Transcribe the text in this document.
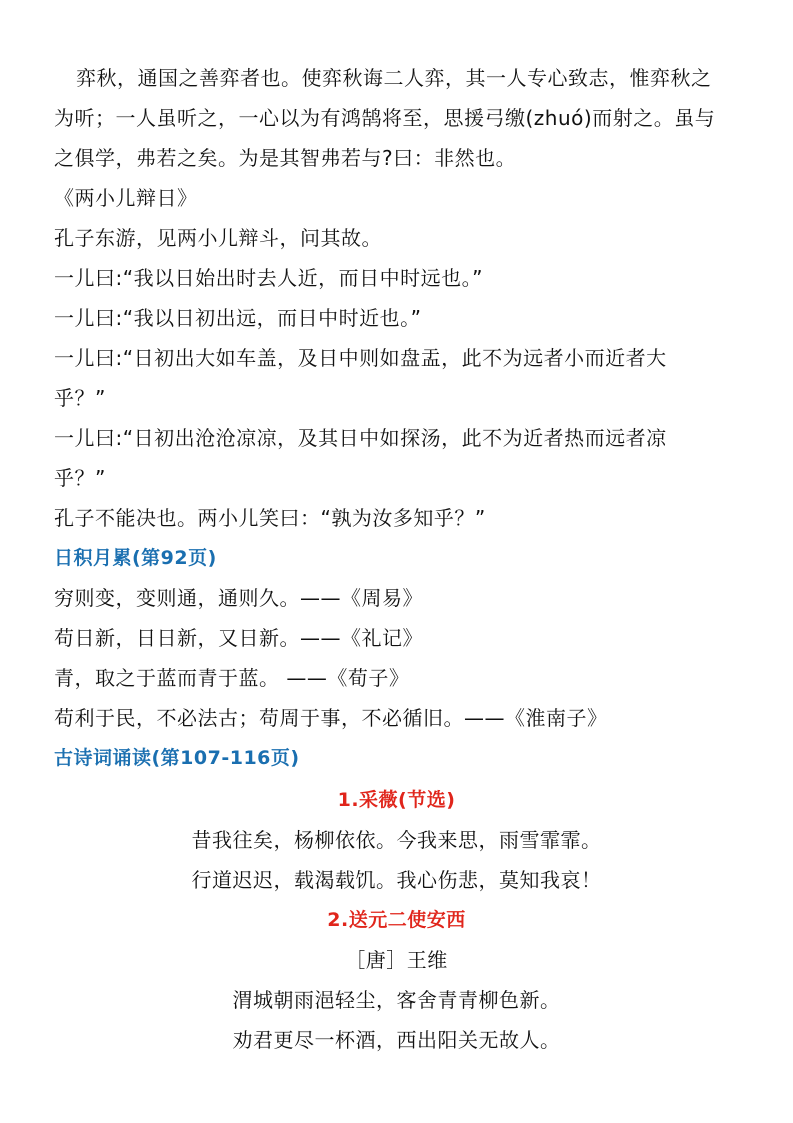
弈秋，通国之善弈者也。使弈秋诲二人弈，其一人专心致志，惟弈秋之
为听；一人虽听之，一心以为有鸿鹄将至，思援弓缴(zhuó)而射之。虽与
之俱学，弗若之矣。为是其智弗若与?曰：非然也。
《两小儿辩日》
孔子东游，见两小儿辩斗，问其故。
一儿曰:“我以日始出时去人近，而日中时远也。”
一儿曰:“我以日初出远，而日中时近也。”
一儿曰:“日初出大如车盖，及日中则如盘盂，此不为远者小而近者大
乎？”
一儿曰:“日初出沧沧凉凉，及其日中如探汤，此不为近者热而远者凉
乎？”
孔子不能决也。两小儿笑曰：“孰为汝多知乎？”
日积月累(第92页)
穷则变，变则通，通则久。——《周易》
苟日新，日日新，又日新。——《礼记》
青，取之于蓝而青于蓝。 ——《荀子》
苟利于民，不必法古；苟周于事，不必循旧。——《淮南子》
古诗词诵读(第107-116页)
1.采薇(节选)
昔我往矣，杨柳依依。今我来思，雨雪霏霏。
行道迟迟，载渴载饥。我心伤悲，莫知我哀！
2.送元二使安西
［唐］王维
渭城朝雨浥轻尘，客舍青青柳色新。
劝君更尽一杯酒，西出阳关无故人。
